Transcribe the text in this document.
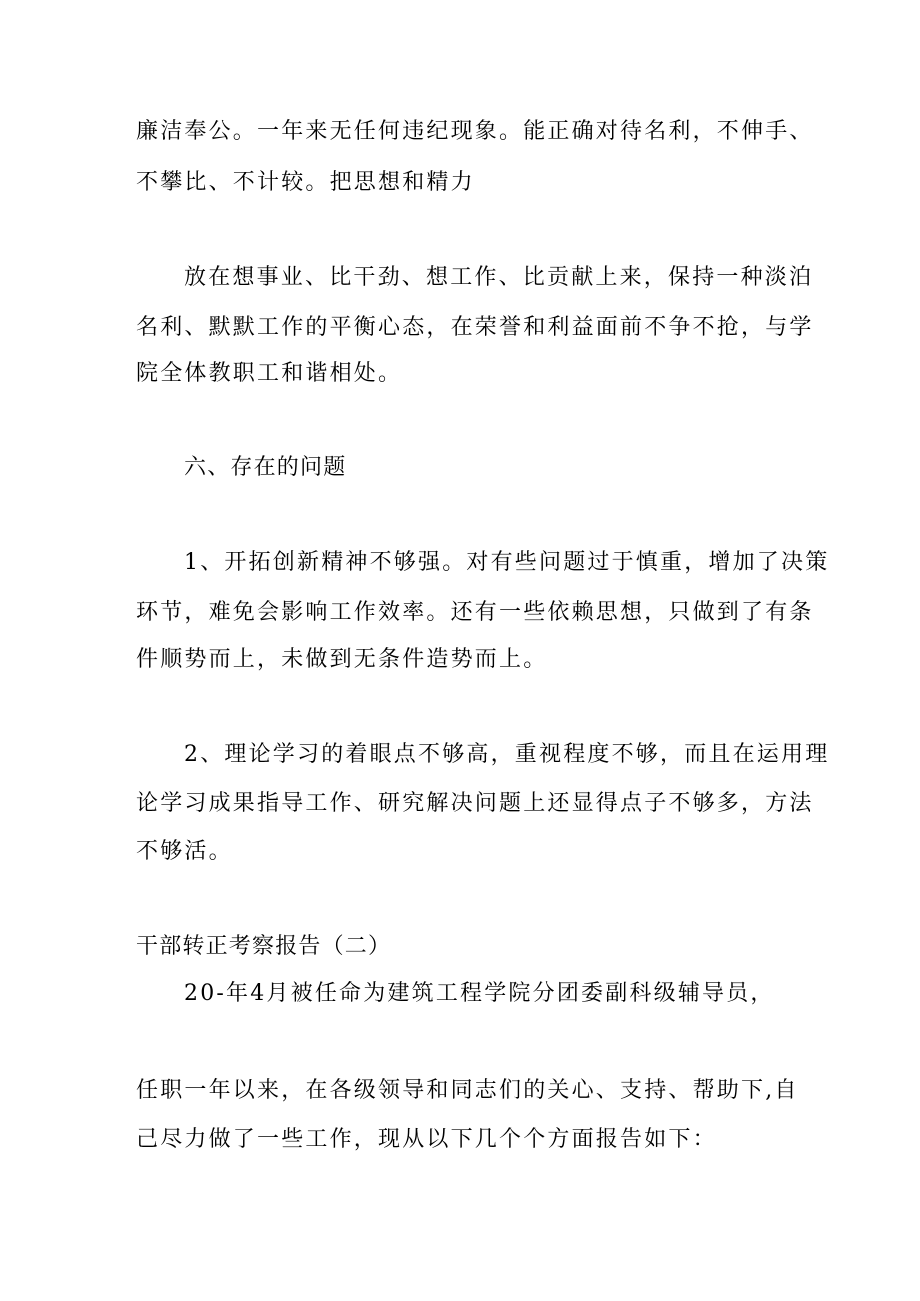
廉洁奉公。一年来无任何违纪现象。能正确对待名利，不伸手、

不攀比、不计较。把思想和精力

放在想事业、比干劲、想工作、比贡献上来，保持一种淡泊

名利、默默工作的平衡心态，在荣誉和利益面前不争不抢，与学

院全体教职工和谐相处。

六、存在的问题

1、开拓创新精神不够强。对有些问题过于慎重，增加了决策

环节，难免会影响工作效率。还有一些依赖思想，只做到了有条

件顺势而上，未做到无条件造势而上。

2、理论学习的着眼点不够高，重视程度不够，而且在运用理

论学习成果指导工作、研究解决问题上还显得点子不够多，方法

不够活。

干部转正考察报告（二）

20-年4月被任命为建筑工程学院分团委副科级辅导员，

任职一年以来，在各级领导和同志们的关心、支持、帮助下,自

己尽力做了一些工作，现从以下几个个方面报告如下：
